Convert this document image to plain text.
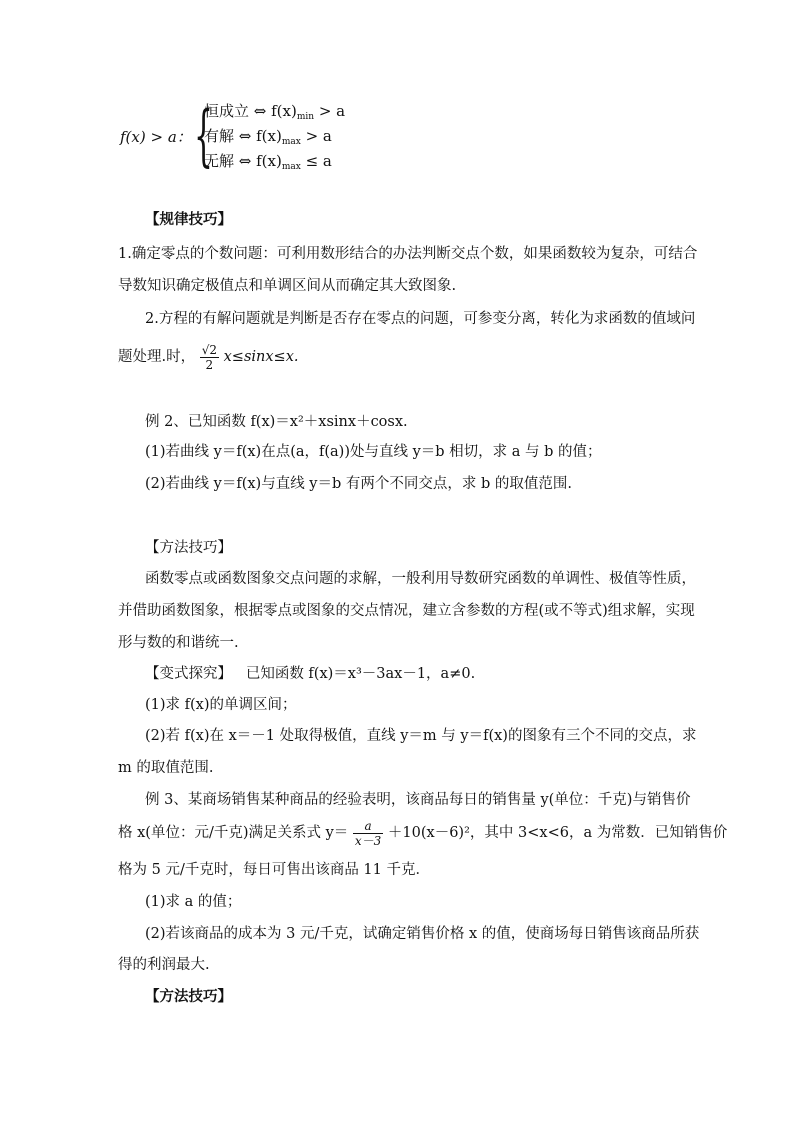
f(x) > a： {
恒成立 ⇔ $f(x)_{min} > a$
有解 ⇔ $f(x)_{max} > a$
无解 ⇔ $f(x)_{max} \le a$
【规律技巧】
1.确定零点的个数问题：可利用数形结合的办法判断交点个数，如果函数较为复杂，可结合
导数知识确定极值点和单调区间从而确定其大致图象.
2.方程的有解问题就是判断是否存在零点的问题，可参变分离，转化为求函数的值域问
题处理.时， $\frac{√2}{2} x\le\sin x\le x$.
例 2、已知函数 f(x)＝x²＋xsinx＋cosx.
(1)若曲线 y＝f(x)在点(a，f(a))处与直线 y＝b 相切，求 a 与 b 的值；
(2)若曲线 y＝f(x)与直线 y＝b 有两个不同交点，求 b 的取值范围.
【方法技巧】
函数零点或函数图象交点问题的求解，一般利用导数研究函数的单调性、极值等性质，
并借助函数图象，根据零点或图象的交点情况，建立含参数的方程(或不等式)组求解，实现
形与数的和谐统一.
【变式探究】 已知函数 f(x)＝x³－3ax－1，a≠0.
(1)求 f(x)的单调区间；
(2)若 f(x)在 x＝－1 处取得极值，直线 y＝m 与 y＝f(x)的图象有三个不同的交点，求
m 的取值范围.
例 3、某商场销售某种商品的经验表明，该商品每日的销售量 y(单位：千克)与销售价
格 x(单位：元/千克)满足关系式 $y= \frac{a}{x-3} +10(x-6)^2$，其中 3<x<6，a 为常数．已知销售价
格为 5 元/千克时，每日可售出该商品 11 千克．
(1)求 a 的值；
(2)若该商品的成本为 3 元/千克，试确定销售价格 x 的值，使商场每日销售该商品所获
得的利润最大.
【方法技巧】
